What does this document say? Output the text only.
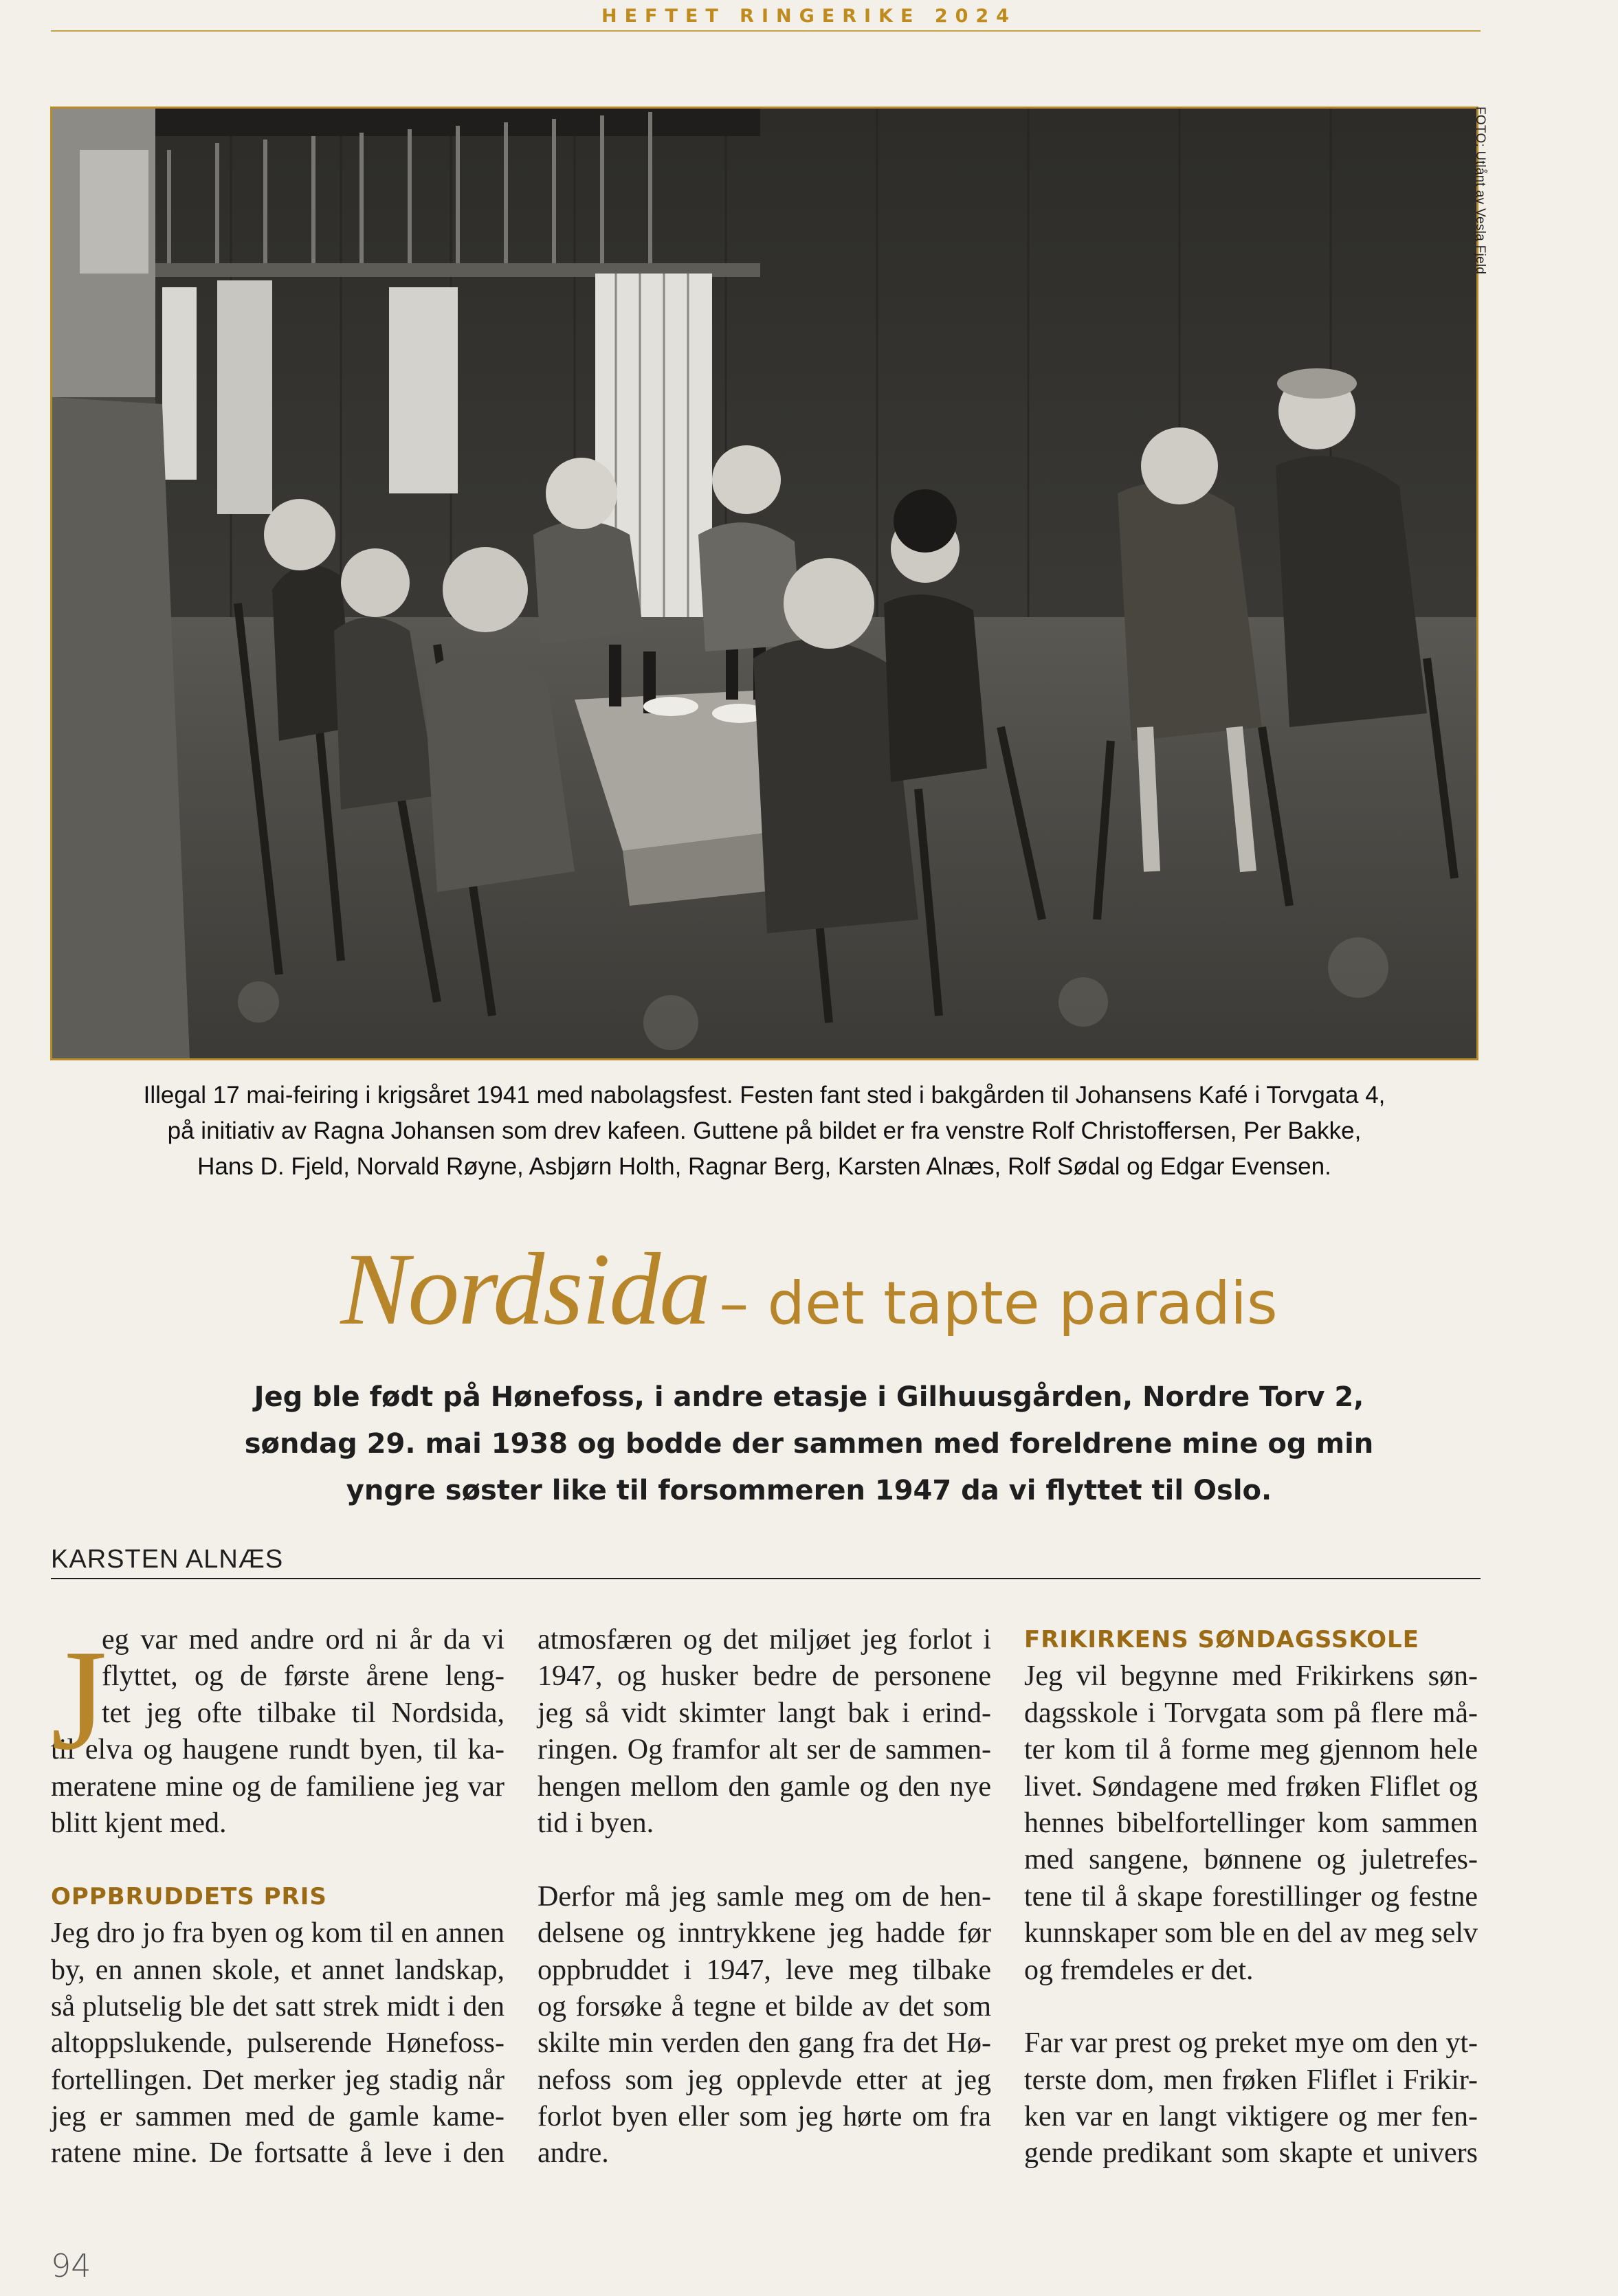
HEFTET RINGERIKE 2024
FOTO: Utlånt av Vesla Fjeld
Illegal 17 mai-feiring i krigsåret 1941 med nabolagsfest. Festen fant sted i bakgården til Johansens Kafé i Torvgata 4,
på initiativ av Ragna Johansen som drev kafeen. Guttene på bildet er fra venstre Rolf Christoffersen, Per Bakke,
Hans D. Fjeld, Norvald Røyne, Asbjørn Holth, Ragnar Berg, Karsten Alnæs, Rolf Sødal og Edgar Evensen.
Nordsida – det tapte paradis
Jeg ble født på Hønefoss, i andre etasje i Gilhuusgården, Nordre Torv 2,
søndag 29. mai 1938 og bodde der sammen med foreldrene mine og min
yngre søster like til forsommeren 1947 da vi flyttet til Oslo.
KARSTEN ALNÆS
J
eg var med andre ord ni år da vi
flyttet, og de første årene leng-
tet jeg ofte tilbake til Nordsida,
til elva og haugene rundt byen, til ka-
meratene mine og de familiene jeg var
blitt kjent med.
OPPBRUDDETS PRIS
Jeg dro jo fra byen og kom til en annen
by, en annen skole, et annet landskap,
så plutselig ble det satt strek midt i den
altoppslukende, pulserende Hønefoss-
fortellingen. Det merker jeg stadig når
jeg er sammen med de gamle kame-
ratene mine. De fortsatte å leve i den
atmosfæren og det miljøet jeg forlot i
1947, og husker bedre de personene
jeg så vidt skimter langt bak i erind-
ringen. Og framfor alt ser de sammen-
hengen mellom den gamle og den nye
tid i byen.
Derfor må jeg samle meg om de hen-
delsene og inntrykkene jeg hadde før
oppbruddet i 1947, leve meg tilbake
og forsøke å tegne et bilde av det som
skilte min verden den gang fra det Hø-
nefoss som jeg opplevde etter at jeg
forlot byen eller som jeg hørte om fra
andre.
FRIKIRKENS SØNDAGSSKOLE
Jeg vil begynne med Frikirkens søn-
dagsskole i Torvgata som på flere må-
ter kom til å forme meg gjennom hele
livet. Søndagene med frøken Fliflet og
hennes bibelfortellinger kom sammen
med sangene, bønnene og juletrefes-
tene til å skape forestillinger og festne
kunnskaper som ble en del av meg selv
og fremdeles er det.
Far var prest og preket mye om den yt-
terste dom, men frøken Fliflet i Frikir-
ken var en langt viktigere og mer fen-
gende predikant som skapte et univers
94
